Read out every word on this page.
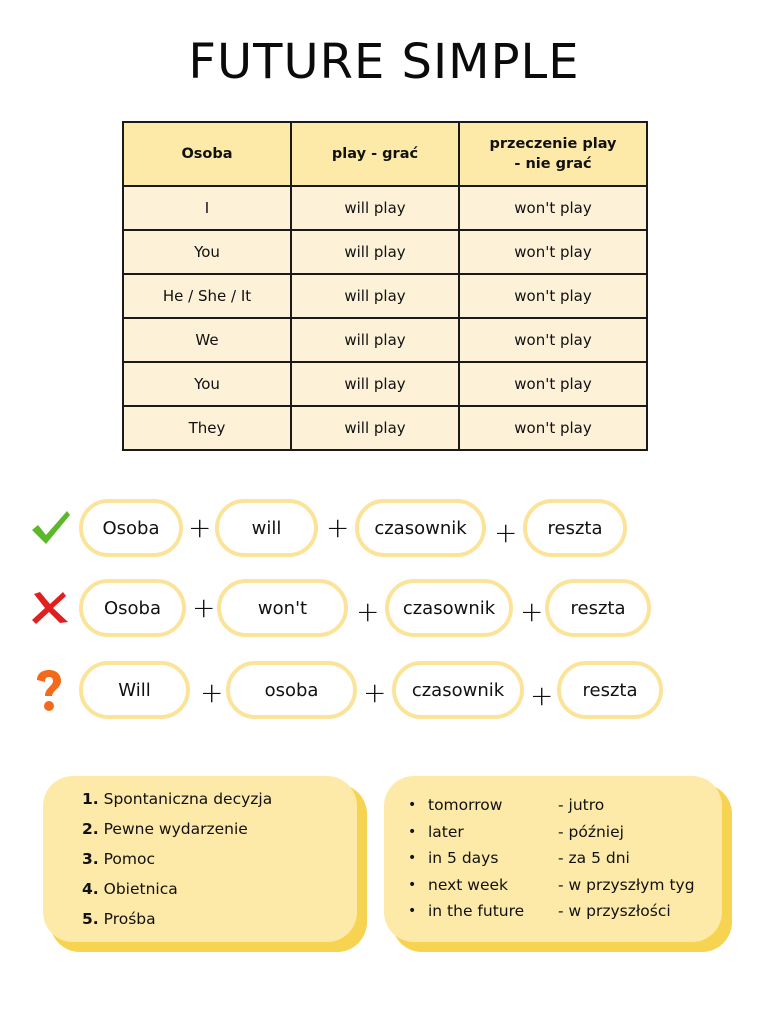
FUTURE SIMPLE
Osoba	play - grać	przeczenie play
- nie grać
I	will play	won't play
You	will play	won't play
He / She / It	will play	won't play
We	will play	won't play
You	will play	won't play
They	will play	won't play
Osoba	will	czasownik	reszta
+	+	+
Osoba	won't	czasownik	reszta
+	+	+
Will	osoba	czasownik	reszta
+	+	+
1. Spontaniczna decyzja
2. Pewne wydarzenie
3. Pomoc
4. Obietnica
5. Prośba
• tomorrow	- jutro
• later	- później
• in 5 days	- za 5 dni
• next week	- w przyszłym tyg
• in the future	- w przyszłości
